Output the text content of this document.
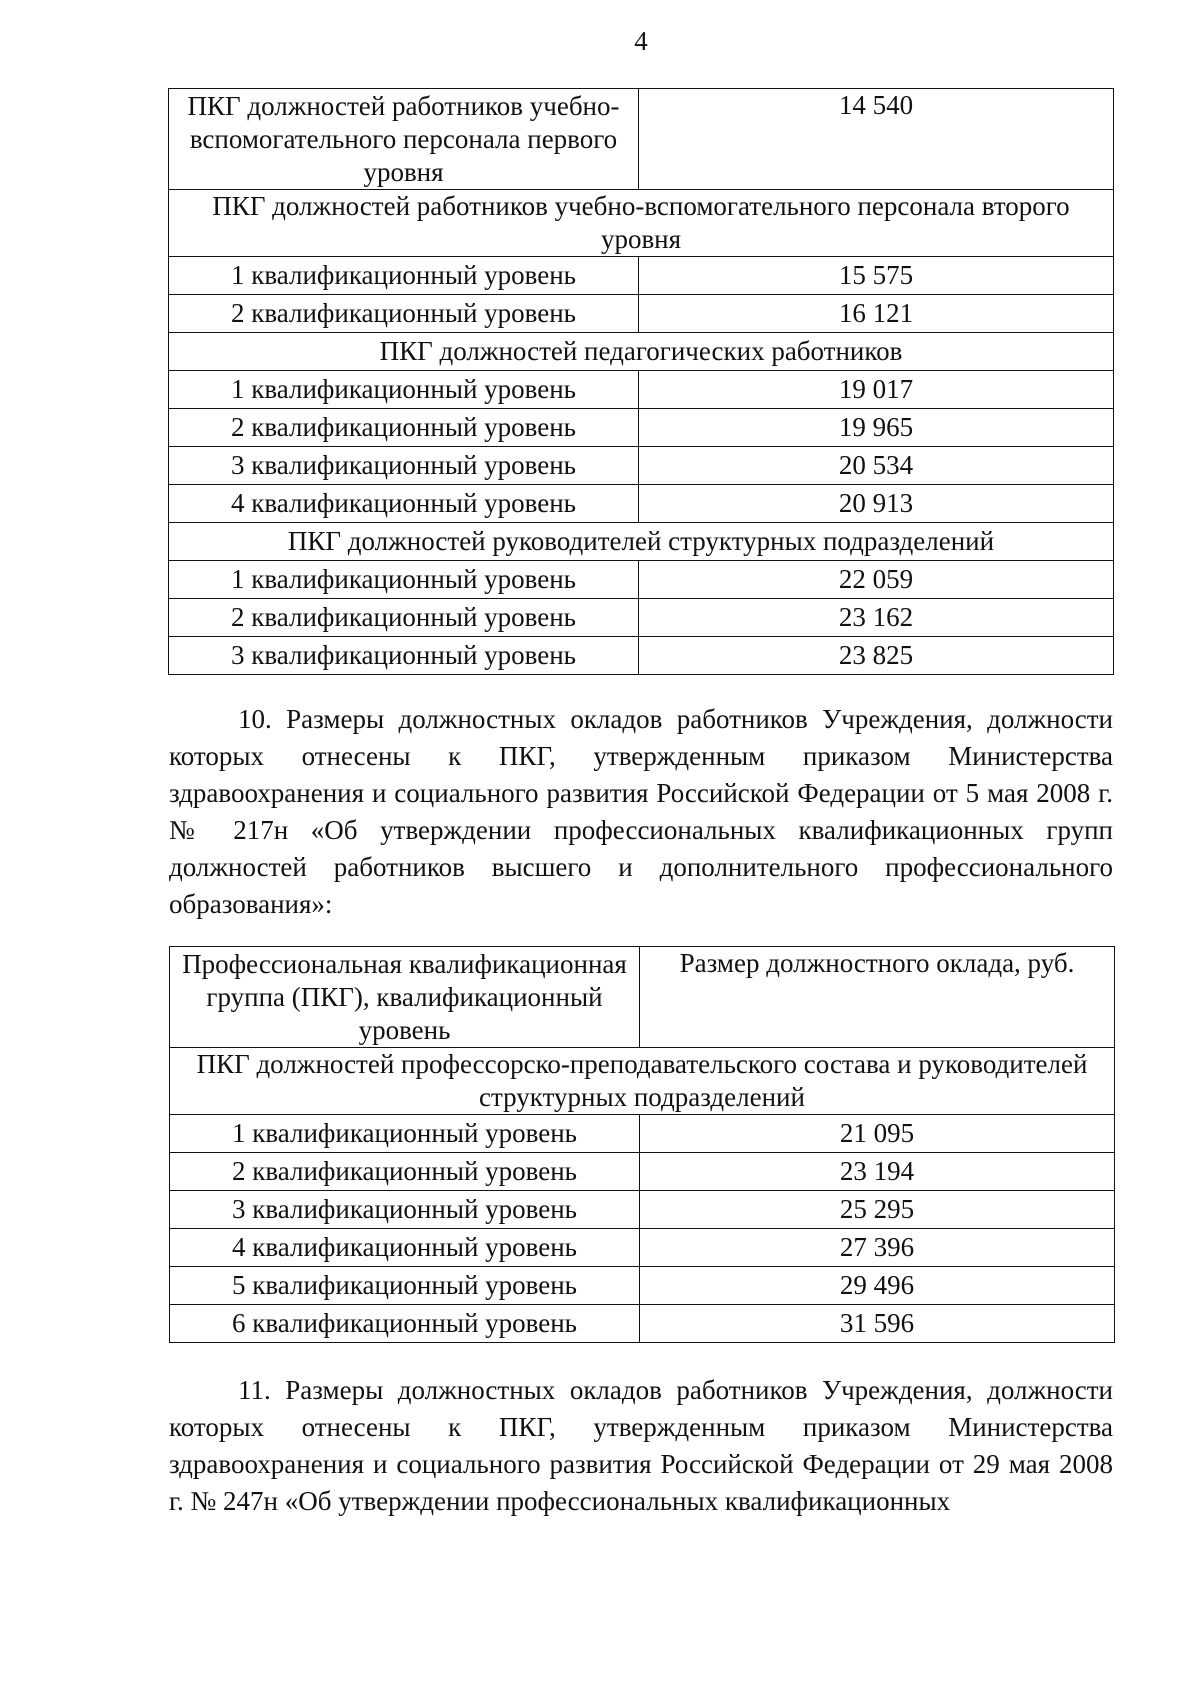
4
ПКГ должностей работников учебно-вспомогательного персонала первого уровня	14 540
ПКГ должностей работников учебно-вспомогательного персонала второго уровня	
1 квалификационный уровень	15 575
2 квалификационный уровень	16 121
ПКГ должностей педагогических работников	
1 квалификационный уровень	19 017
2 квалификационный уровень	19 965
3 квалификационный уровень	20 534
4 квалификационный уровень	20 913
ПКГ должностей руководителей структурных подразделений	
1 квалификационный уровень	22 059
2 квалификационный уровень	23 162
3 квалификационный уровень	23 825

10. Размеры должностных окладов работников Учреждения, должности которых отнесены к ПКГ, утвержденным приказом Министерства здравоохранения и социального развития Российской Федерации от 5 мая 2008 г. № 217н «Об утверждении профессиональных квалификационных групп должностей работников высшего и дополнительного профессионального образования»:

Профессиональная квалификационная группа (ПКГ), квалификационный уровень	Размер должностного оклада, руб.
ПКГ должностей профессорско-преподавательского состава и руководителей структурных подразделений	
1 квалификационный уровень	21 095
2 квалификационный уровень	23 194
3 квалификационный уровень	25 295
4 квалификационный уровень	27 396
5 квалификационный уровень	29 496
6 квалификационный уровень	31 596

11. Размеры должностных окладов работников Учреждения, должности которых отнесены к ПКГ, утвержденным приказом Министерства здравоохранения и социального развития Российской Федерации от 29 мая 2008 г. № 247н «Об утверждении профессиональных квалификационных
